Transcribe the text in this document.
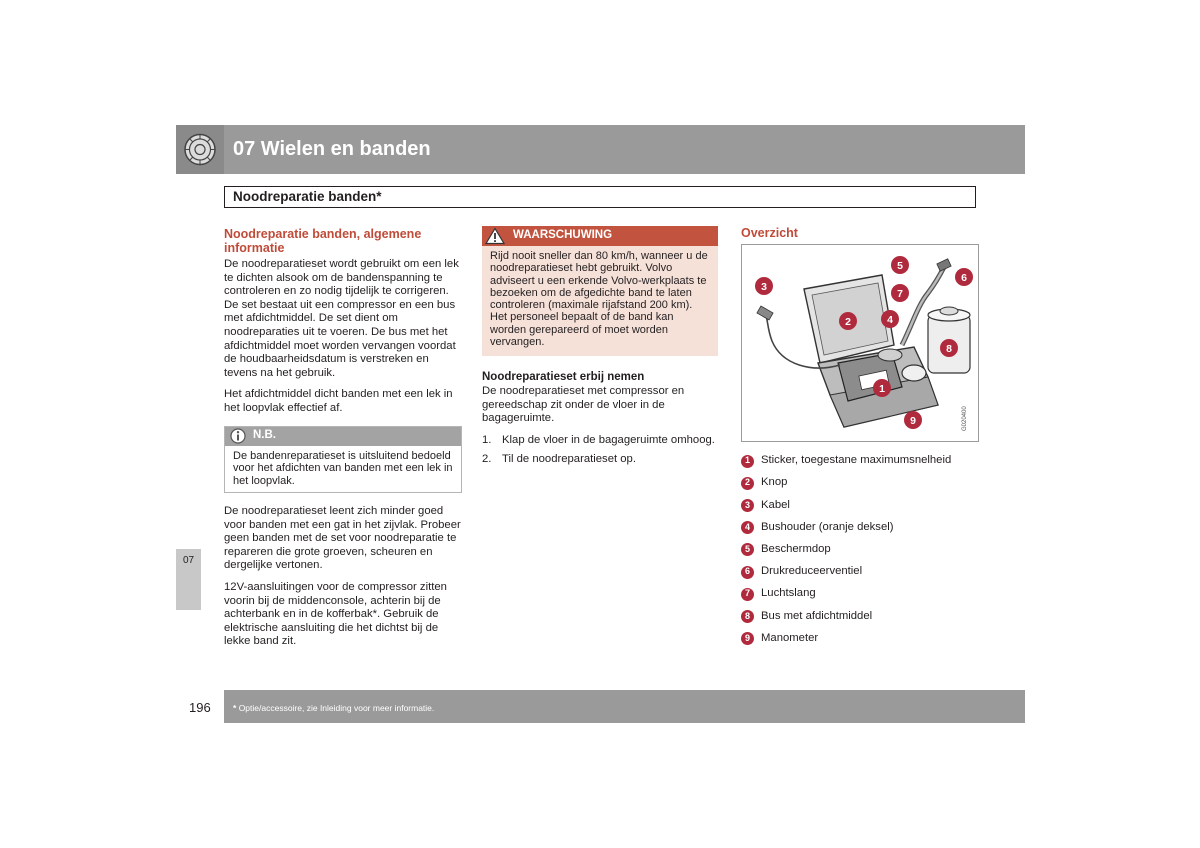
07 Wielen en banden
Noodreparatie banden*
07
Noodreparatie banden, algemene informatie

De noodreparatieset wordt gebruikt om een lek te dichten alsook om de bandenspanning te controleren en zo nodig tijdelijk te corrigeren. De set bestaat uit een compressor en een bus met afdichtmiddel. De set dient om noodreparaties uit te voeren. De bus met het afdichtmiddel moet worden vervangen voordat de houdbaarheidsdatum is verstreken en tevens na het gebruik.

Het afdichtmiddel dicht banden met een lek in het loopvlak effectief af.

N.B.
De bandenreparatieset is uitsluitend bedoeld voor het afdichten van banden met een lek in het loopvlak.

De noodreparatieset leent zich minder goed voor banden met een gat in het zijvlak. Probeer geen banden met de set voor noodreparatie te repareren die grote groeven, scheuren en dergelijke vertonen.

12V-aansluitingen voor de compressor zitten voorin bij de middenconsole, achterin bij de achterbank en in de kofferbak*. Gebruik de elektrische aansluiting die het dichtst bij de lekke band zit.

WAARSCHUWING
Rijd nooit sneller dan 80 km/h, wanneer u de noodreparatieset hebt gebruikt. Volvo adviseert u een erkende Volvo-werkplaats te bezoeken om de afgedichte band te laten controleren (maximale rijafstand 200 km). Het personeel bepaalt of de band kan worden gerepareerd of moet worden vervangen.
Noodreparatieset erbij nemen

De noodreparatieset met compressor en gereedschap zit onder de vloer in de bagageruimte.

1. Klap de vloer in de bagageruimte omhoog.
2. Til de noodreparatieset op.
Overzicht
G020400
1
2
3
4
5
6
7
8
9
1 Sticker, toegestane maximumsnelheid
2 Knop
3 Kabel
4 Bushouder (oranje deksel)
5 Beschermdop
6 Drukreduceerventiel
7 Luchtslang
8 Bus met afdichtmiddel
9 Manometer
196	* Optie/accessoire, zie Inleiding voor meer informatie.
